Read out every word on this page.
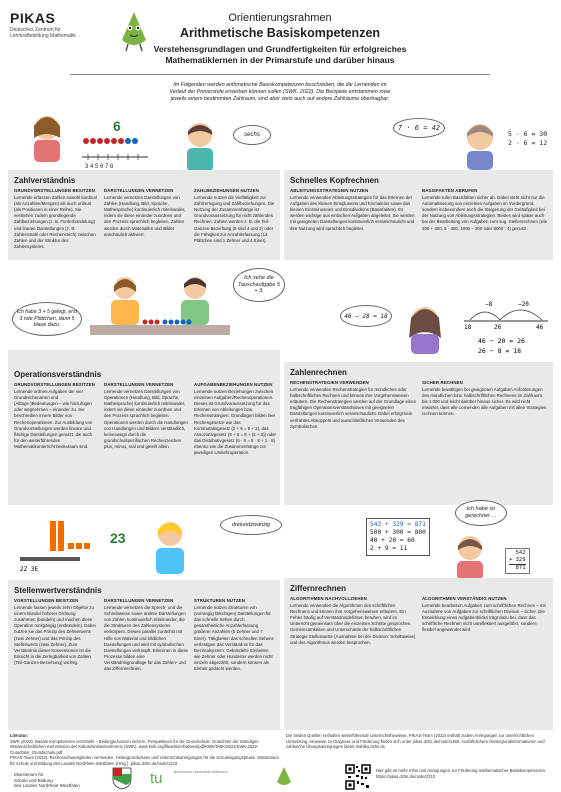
PIKAS
Deutsches Zentrum für
Lehrkräftebildung Mathematik
Orientierungsrahmen
Arithmetische Basiskompetenzen
Verstehensgrundlagen und Grundfertigkeiten für erfolgreiches
Mathematiklernen in der Primarstufe und darüber hinaus
Im Folgenden werden arithmetische Basiskompetenzen beschrieben, die die Lernenden im
Verlauf der Primarstufe erwerben können sollen (SWK, 2022). Die Beispiele entstammen zwar
jeweils einem bestimmten Zahlraum, sind aber stets auch auf andere Zahlräume übertragbar.
6
3 4 5 6 7 8
sechs
Zahlverständnis
GRUNDVORSTELLUNGEN BESITZEN

Lernende erfassen Zahlen sowohl kardinal (als Anzahlen/Mengen) als auch ordinal (als Positionen in einer Reihe). Sie verstehen zudem grundlegende Zahlbeziehungen (z. B. Fünferbündelung) und lineare Darstellungen (z. B. Zahlenstrahl oder Rechenstrich) zwischen Zahlen und der Struktur des Zahlensystems.

DARSTELLUNGEN VERNETZEN

Lernende vernetzen Darstellungen von Zahlen (Handlung, Bild, Sprache, Mathesprache) kontinuierlich miteinander, indem sie diese einander zuordnen und den Prozess sprachlich begleiten. Zahlen werden durch Materialien und Bilder anschaulich aktiviert.

ZAHLBEZIEHUNGEN NUTZEN

Lernende nutzen die Vielfältigkeit zur Zahlzerlegung und Zahlbeziehungen. Die Nutzung der Zusammenhänge ist Grundvoraussetzung für nicht zählendes Rechnen. Zahlen werden z. B. die Teil-Ganzes-Beziehung (6 sind 4 und 2) oder die Fähigkeit zur Anzahlerfassung (14 Plättchen sind 1 Zehner und 4 Einer).

7 · 6 = 42
5 · 6 = 30
2 · 6 = 12
Schnelles Kopfrechnen
ABLEITUNGSSTRATEGIEN NUTZEN

Lernende verwenden Ableitungsstrategien für das Erlernen der Aufgaben des kleinen Einspluseins und Einmaleins sowie das kleinen Einsminuseins und Einsdivideins (Basisfakten). Es werden wichtige aus einfachen Aufgaben abgeleitet. Sie werden mit geeigneten Darstellungen kontinuierlich veranschaulicht und ihre Nutzung wird sprachlich begleitet.

BASISFAKTEN ABRUFEN

Lernende rufen Basisfakten sicher ab. Dabei steht nicht nur die Automatisierung von einzelnen Aufgaben im Vordergrund, sondern insbesondere auch die Steigerung der Geläufigkeit bei der Nutzung von Ableitungsstrategien. Beides wird später auch bei der Bearbeitung von Aufgaben zum sog. Stellenrechnen (wie 200 + 300, 5 · 400, 1000 − 200 oder 8000 : 4) genutzt.

Ich habe 3 + 5 gelegt, erst 3 rote Plättchen, dann 5 blaue dazu.
Ich sehe die Tauschaufgabe 5 + 3.
Operationsverständnis
GRUNDVORSTELLUNGEN BESITZEN

Lernende ordnen Aufgaben der vier Grundrechenarten und (Alltags-)Bedeutungen – wie hinzufügen oder wegnehmen – einander zu. Sie beschreiben innere Bilder von Rechenoperationen. Zur Ausbildung von Grundvorstellungen werden lineare und flächige Darstellungen genutzt, die auch für den weiterführenden Mathematikunterricht bedeutsam sind.

DARSTELLUNGEN VERNETZEN

Lernende vernetzen Darstellungen von Operationen (Handlung, Bild, Sprache, Mathesprache) kontinuierlich miteinander, indem sie diese einander zuordnen und den Prozess sprachlich begleiten. Operationen werden durch die Handlungen von Handlungen und Bildern verständlich, keineswegs durch die grundschulspezifischen Rechenzeichen plus, minus, mal und geteilt allein.

AUFGABENBEZIEHUNGEN NUTZEN

Lernende nutzen Beziehungen zwischen einzelnen Aufgaben/Rechenoperationen. Dieses ist Grundvoraussetzung für das Erlernen von Ableitungen bzw. Rechenstrategien. Grundlagen bilden hier Rechengesetze wie das Kommutativgesetz (2 + 9 = 9 + 2), das Assoziativgesetz (8 + 5 = 8 + (2 + 3)) oder das Distributivgesetz (6 · 8 = 5 · 8 + 1 · 8) ebenso wie die Zusammenhänge zur jeweiligen Umkehroperation.

46 − 28 = 18
−8	−20
18	26	46
46 − 20 = 26
26 − 8 = 18
Zahlenrechnen
RECHENSTRATEGIEN VERWENDEN

Lernende verwenden Rechenstrategien für mündliches oder halbschriftliches Rechnen und können ihre Vorgehensweisen erläutern. Die Rechenstrategien werden auf der Grundlage eines tragfähigen Operationsverständnisses mit geeigneten Darstellungen kontinuierlich veranschaulicht. Dabei erfolgt kein verfrühtes Abkoppeln und ausschließliches Verwenden des Symbolischen.

SICHER RECHNEN

Lernende bewältigen bei geeigneten Aufgaben Anforderungen des mündlichen bzw. halbschriftlichen Rechnens im Zahlraum bis 1 000 und leicht darüber hinaus sicher. Es wird nicht erwartet, dass alle Lernenden alle Aufgaben mit allen Strategien rechnen können.

2Z 3E
23
dreiundzwanzig
Stellenwertverständnis
VORSTELLUNGEN BESITZEN

Lernende fassen jeweils zehn Objekte zu einem Bündel höherer Ordnung zusammen (bündeln) und machen diese Operation rückgängig (entbündeln). Dabei nutzen sie das Prinzip des Zehnerwerts (zwei Zehner) und das Prinzip des Stellenwerts (zwei Zehner). Zum Verständnis dieser Konventionen ist die Einsicht in die Zerlegbarkeit von Zahlen (Teil-Ganzes-Beziehung) wichtig.

DARSTELLUNGEN VERNETZEN

Lernende vernetzen die Sprech- und die Schreibweise sowie andere Darstellungen von Zahlen kontinuierlich miteinander, die die Strukturen des Zahlensystems verkörpern. Dieses parallel zunächst mit Hilfe von Material und bildlichen Darstellungen und wird mit symbolischen Darstellungen verknüpft. Erkennen in diese Prozesse bilden eine Verständnisgrundlage für das Zahlen- und das Ziffernrechnen.

STRUKTUREN NUTZEN

Lernende nutzen Strukturen von (vorrangig fälschigen) Darstellungen für das schnelle Sehen durch gesamtheitliche Anzahlerfassung größerer Anzahlen (5 Zehner und 7 Einer). Tätigkeiten das schnellen Sehens verfestigen das Verständnis für das Dezimalsystem: Gebündelte Einheiten wie Zehner oder Hunderter werden nicht einzeln abgezählt, sondern können als Einheit gedacht werden.

Ich habe so gerechnet …
542 + 329 = 871
500 + 300 = 800
40 + 20 = 60
2 + 9 = 11
542
+ 329
871
Ziffernrechnen
ALGORITHMEN NACHVOLLZIEHEN

Lernende verwenden die Algorithmen des schriftlichen Rechnens und können ihre Vorgehensweisen erläutern. Ein Fehler häufig auf Verständnisdefiziten beruhen, wird im Unterricht gemeinsam über die einzelnen Schritte gesprochen. Gemeinsamkeiten und Unterschiede der halbschriftlichen Strategie Stellenwerte (Ausnahme bei der Division: Schrittweise) und des Algorithmus werden besprochen.

ALGORITHMEN VERSTÄNDIG NUTZEN

Lernende bearbeiten Aufgaben zum schriftlichen Rechnen – mit Ausnahme von Aufgaben zur schriftlichen Division – sicher. Die Entwicklung eines Aufgabenblicks trägt dazu bei, dass das schriftliche Rechnen nicht unreflektiert ausgeführt, sondern flexibel angewendet wird.

Literatur:
SWK (2022). Basale Kompetenzen vermitteln – Bildungschancen sichern. Perspektiven für die Grundschule. Gutachten der Ständigen Wissenschaftlichen Kommission der Kultusministerkonferenz (SWK). www.kmk.org/fileadmin/Dateien/pdf/KMK/SWK/2022/SWK-2022-Gutachten_Grundschule.pdf
PIKAS-Team (2022). Rechenschwierigkeiten vermeiden. Hintergrundwissen und Unterrichtsanregungen für die Schuleingangsphase. Ministerium für Schule und Bildung des Landes Nordrhein-Westfalen (Hrsg.). pikas.dzlm.de/node/1219
Die beiden Quellen enthalten weiterführende Unterrichtshinweise. PIKAS-Team (2022) enthält zudem Anregungen zur unterrichtlichen Umsetzung. Hinweise zu Diagnose und Förderung finden sich unter pikas.dzlm.de/node/1460. Ausführlichere Hintergrundinformationen und zahlreiche Übungsanregungen bietet mahiko.dzlm.de.
Ministerium für
Schule und Bildung
des Landes Nordrhein-Westfalen	tu	technische universität dortmund	Hier gibt es mehr Infos und Anregungen zur Förderung mathematischer Basiskompetenzen: https://pikas.dzlm.de/node/2310
